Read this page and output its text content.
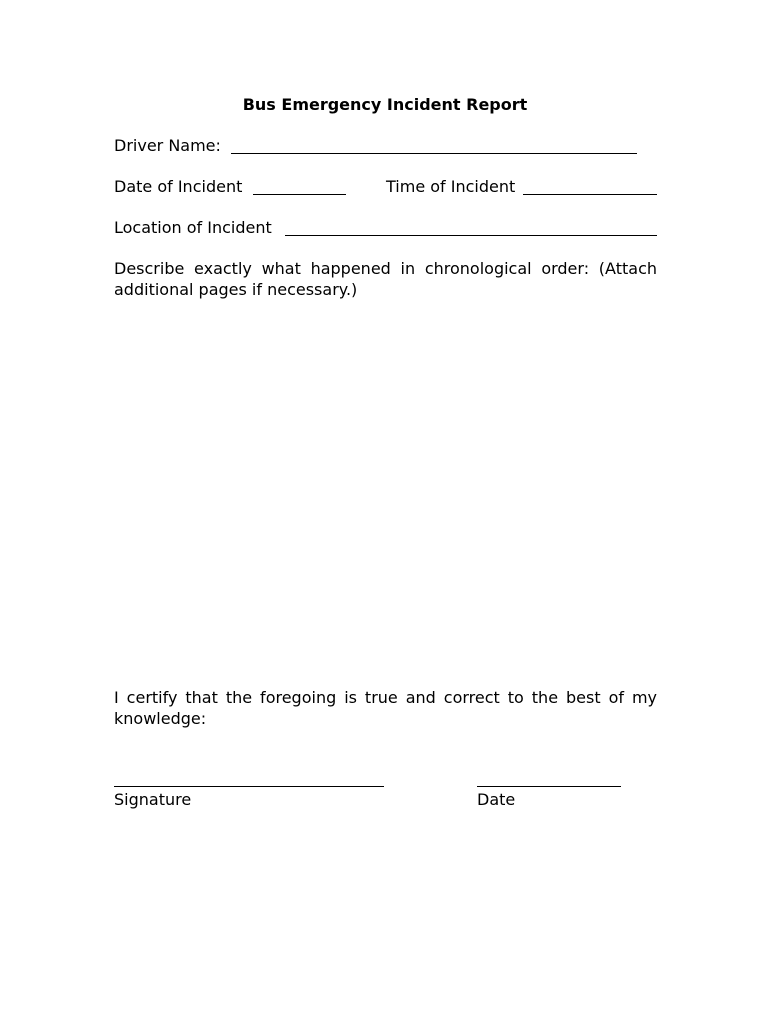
Bus Emergency Incident Report
Driver Name:
Date of Incident	Time of Incident
Location of Incident
Describe exactly what happened in chronological order: (Attach additional pages if necessary.)
I certify that the foregoing is true and correct to the best of my knowledge:
Signature	Date
